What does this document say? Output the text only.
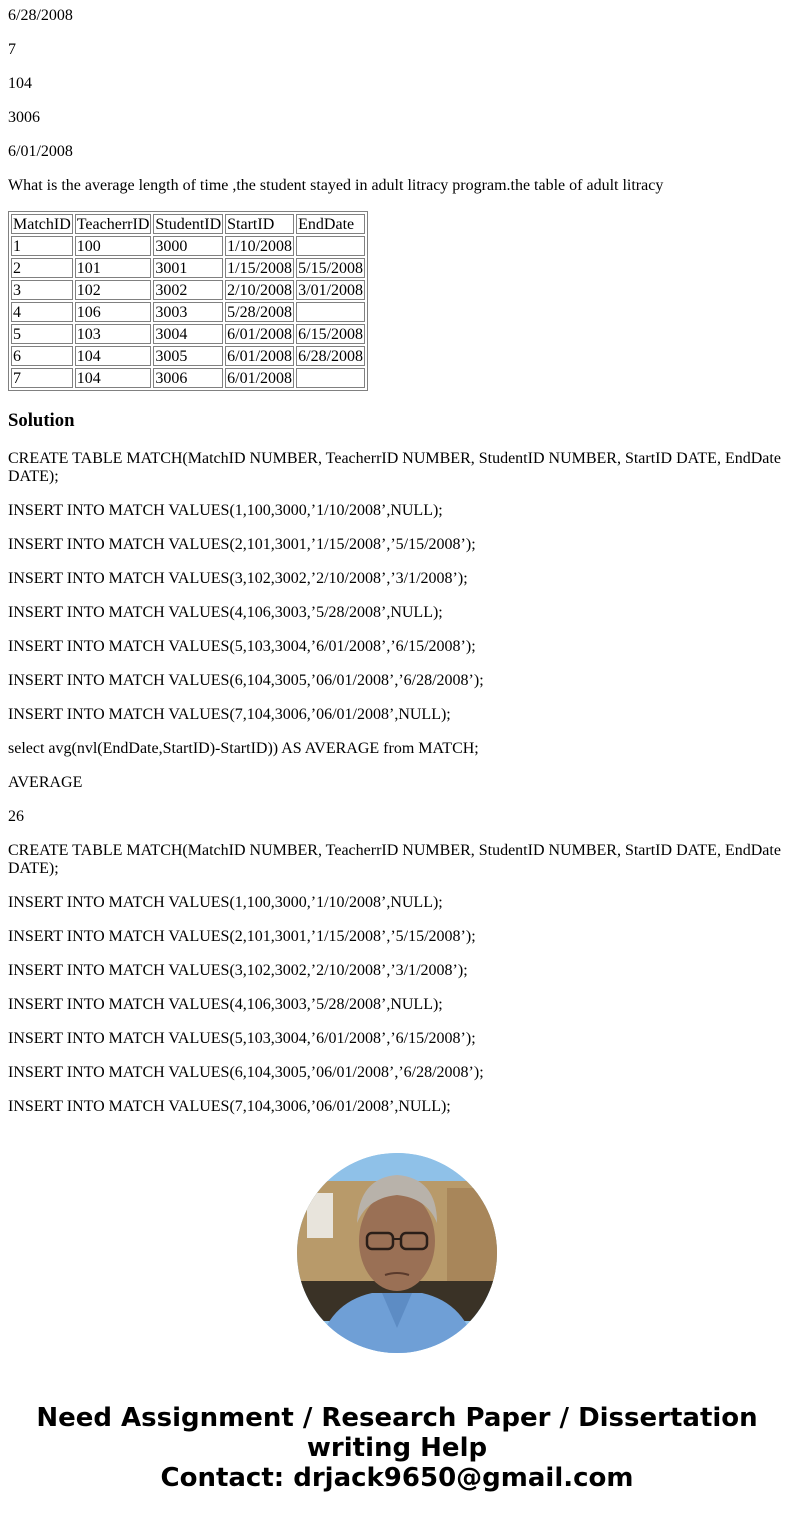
6/28/2008

7

104

3006

6/01/2008

What is the average length of time ,the student stayed in adult litracy program.the table of adult litracy

MatchID	TeacherrID	StudentID	StartID	EndDate
1	100	3000	1/10/2008	
2	101	3001	1/15/2008	5/15/2008
3	102	3002	2/10/2008	3/01/2008
4	106	3003	5/28/2008	
5	103	3004	6/01/2008	6/15/2008
6	104	3005	6/01/2008	6/28/2008
7	104	3006	6/01/2008	
Solution

CREATE TABLE MATCH(MatchID NUMBER, TeacherrID NUMBER, StudentID NUMBER, StartID DATE, EndDate DATE);

INSERT INTO MATCH VALUES(1,100,3000,’1/10/2008’,NULL);

INSERT INTO MATCH VALUES(2,101,3001,’1/15/2008’,’5/15/2008’);

INSERT INTO MATCH VALUES(3,102,3002,’2/10/2008’,’3/1/2008’);

INSERT INTO MATCH VALUES(4,106,3003,’5/28/2008’,NULL);

INSERT INTO MATCH VALUES(5,103,3004,’6/01/2008’,’6/15/2008’);

INSERT INTO MATCH VALUES(6,104,3005,’06/01/2008’,’6/28/2008’);

INSERT INTO MATCH VALUES(7,104,3006,’06/01/2008’,NULL);

select avg(nvl(EndDate,StartID)-StartID)) AS AVERAGE from MATCH;

AVERAGE

26

CREATE TABLE MATCH(MatchID NUMBER, TeacherrID NUMBER, StudentID NUMBER, StartID DATE, EndDate DATE);

INSERT INTO MATCH VALUES(1,100,3000,’1/10/2008’,NULL);

INSERT INTO MATCH VALUES(2,101,3001,’1/15/2008’,’5/15/2008’);

INSERT INTO MATCH VALUES(3,102,3002,’2/10/2008’,’3/1/2008’);

INSERT INTO MATCH VALUES(4,106,3003,’5/28/2008’,NULL);

INSERT INTO MATCH VALUES(5,103,3004,’6/01/2008’,’6/15/2008’);

INSERT INTO MATCH VALUES(6,104,3005,’06/01/2008’,’6/28/2008’);

INSERT INTO MATCH VALUES(7,104,3006,’06/01/2008’,NULL);

Need Assignment / Research Paper / Dissertation
writing Help
Contact: drjack9650@gmail.com
